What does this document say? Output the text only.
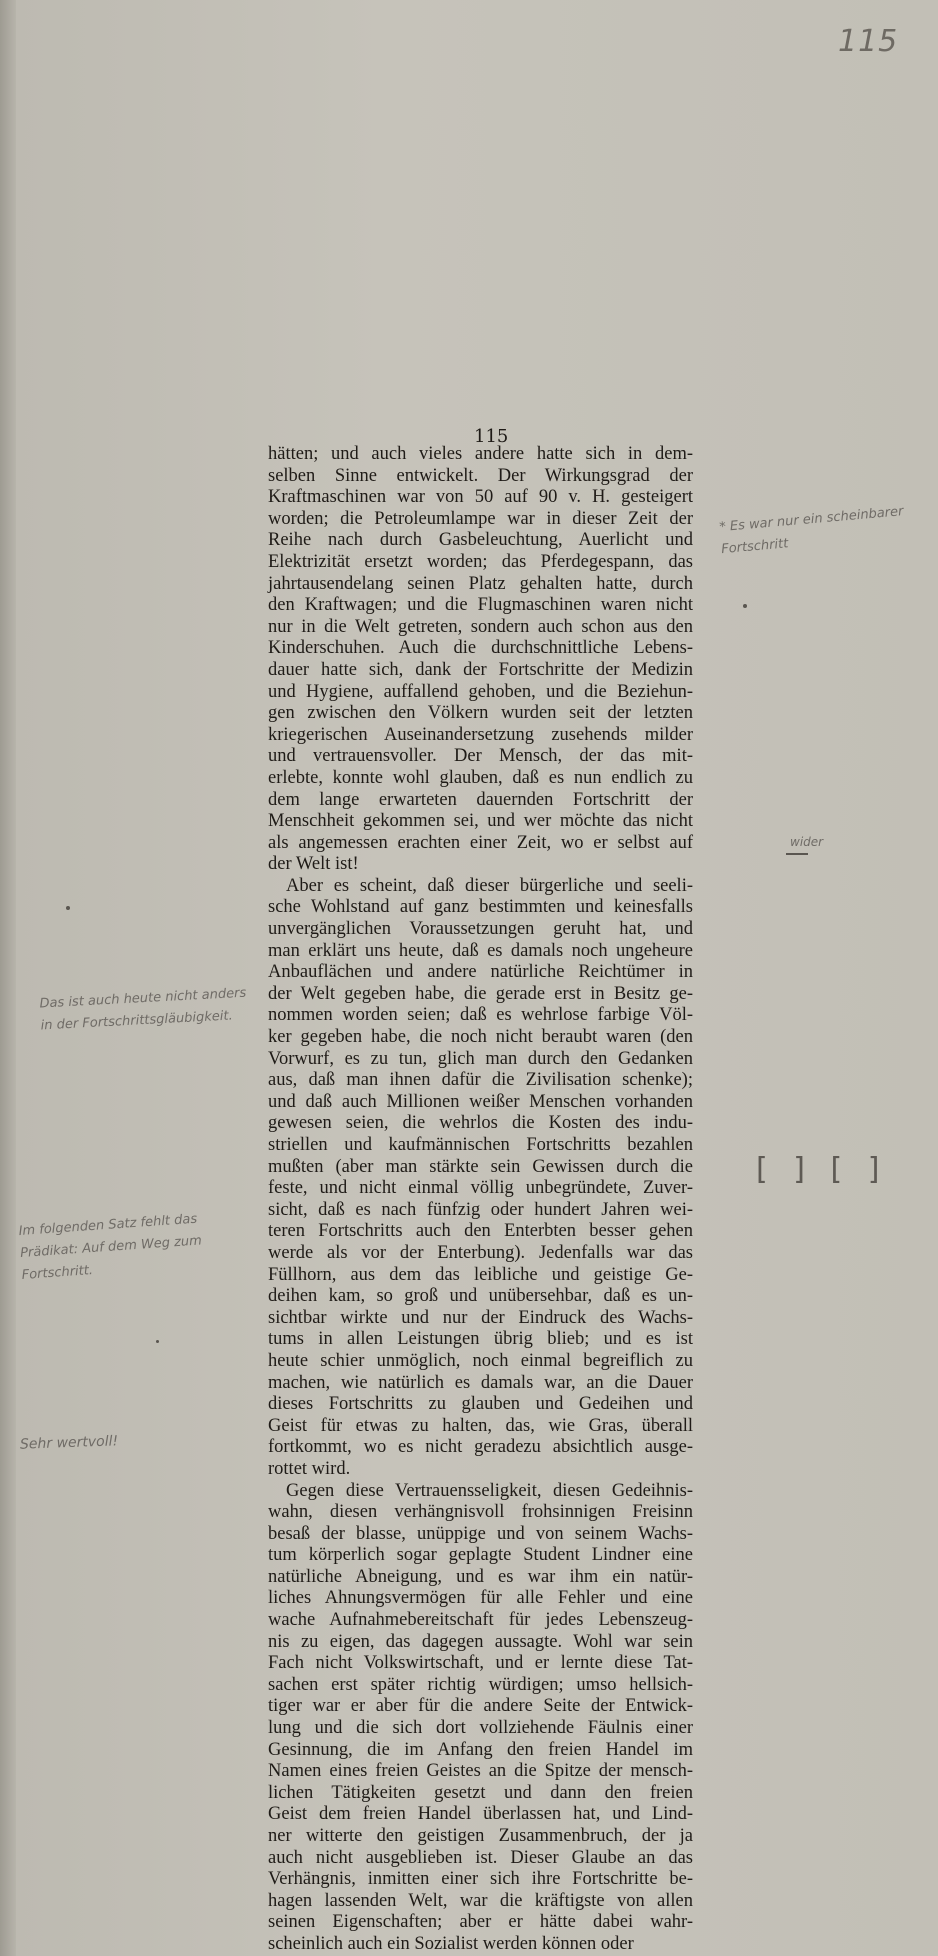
115
115
hätten; und auch vieles andere hatte sich in dem-
selben Sinne entwickelt. Der Wirkungsgrad der
Kraftmaschinen war von 50 auf 90 v. H. gesteigert
worden; die Petroleumlampe war in dieser Zeit der
Reihe nach durch Gasbeleuchtung, Auerlicht und
Elektrizität ersetzt worden; das Pferdegespann, das
jahrtausendelang seinen Platz gehalten hatte, durch
den Kraftwagen; und die Flugmaschinen waren nicht
nur in die Welt getreten, sondern auch schon aus den
Kinderschuhen. Auch die durchschnittliche Lebens-
dauer hatte sich, dank der Fortschritte der Medizin
und Hygiene, auffallend gehoben, und die Beziehun-
gen zwischen den Völkern wurden seit der letzten
kriegerischen Auseinandersetzung zusehends milder
und vertrauensvoller. Der Mensch, der das mit-
erlebte, konnte wohl glauben, daß es nun endlich zu
dem lange erwarteten dauernden Fortschritt der
Menschheit gekommen sei, und wer möchte das nicht
als angemessen erachten einer Zeit, wo er selbst auf
der Welt ist!
Aber es scheint, daß dieser bürgerliche und seeli-
sche Wohlstand auf ganz bestimmten und keinesfalls
unvergänglichen Voraussetzungen geruht hat, und
man erklärt uns heute, daß es damals noch ungeheure
Anbauflächen und andere natürliche Reichtümer in
der Welt gegeben habe, die gerade erst in Besitz ge-
nommen worden seien; daß es wehrlose farbige Völ-
ker gegeben habe, die noch nicht beraubt waren (den
Vorwurf, es zu tun, glich man durch den Gedanken
aus, daß man ihnen dafür die Zivilisation schenke);
und daß auch Millionen weißer Menschen vorhanden
gewesen seien, die wehrlos die Kosten des indu-
striellen und kaufmännischen Fortschritts bezahlen
mußten (aber man stärkte sein Gewissen durch die
feste, und nicht einmal völlig unbegründete, Zuver-
sicht, daß es nach fünfzig oder hundert Jahren wei-
teren Fortschritts auch den Enterbten besser gehen
werde als vor der Enterbung). Jedenfalls war das
Füllhorn, aus dem das leibliche und geistige Ge-
deihen kam, so groß und unübersehbar, daß es un-
sichtbar wirkte und nur der Eindruck des Wachs-
tums in allen Leistungen übrig blieb; und es ist
heute schier unmöglich, noch einmal begreiflich zu
machen, wie natürlich es damals war, an die Dauer
dieses Fortschritts zu glauben und Gedeihen und
Geist für etwas zu halten, das, wie Gras, überall
fortkommt, wo es nicht geradezu absichtlich ausge-
rottet wird.
Gegen diese Vertrauensseligkeit, diesen Gedeihnis-
wahn, diesen verhängnisvoll frohsinnigen Freisinn
besaß der blasse, unüppige und von seinem Wachs-
tum körperlich sogar geplagte Student Lindner eine
natürliche Abneigung, und es war ihm ein natür-
liches Ahnungsvermögen für alle Fehler und eine
wache Aufnahmebereitschaft für jedes Lebenszeug-
nis zu eigen, das dagegen aussagte. Wohl war sein
Fach nicht Volkswirtschaft, und er lernte diese Tat-
sachen erst später richtig würdigen; umso hellsich-
tiger war er aber für die andere Seite der Entwick-
lung und die sich dort vollziehende Fäulnis einer
Gesinnung, die im Anfang den freien Handel im
Namen eines freien Geistes an die Spitze der mensch-
lichen Tätigkeiten gesetzt und dann den freien
Geist dem freien Handel überlassen hat, und Lind-
ner witterte den geistigen Zusammenbruch, der ja
auch nicht ausgeblieben ist. Dieser Glaube an das
Verhängnis, inmitten einer sich ihre Fortschritte be-
hagen lassenden Welt, war die kräftigste von allen
seinen Eigenschaften; aber er hätte dabei wahr-
scheinlich auch ein Sozialist werden können oder
Das ist auch heute nicht anders in der Fortschrittsgläubigkeit.
Im folgenden Satz fehlt das Prädikat: Auf dem Weg zum Fortschritt.
Sehr wertvoll!
* Es war nur ein scheinbarer Fortschritt
wider
[ ] [ ]
